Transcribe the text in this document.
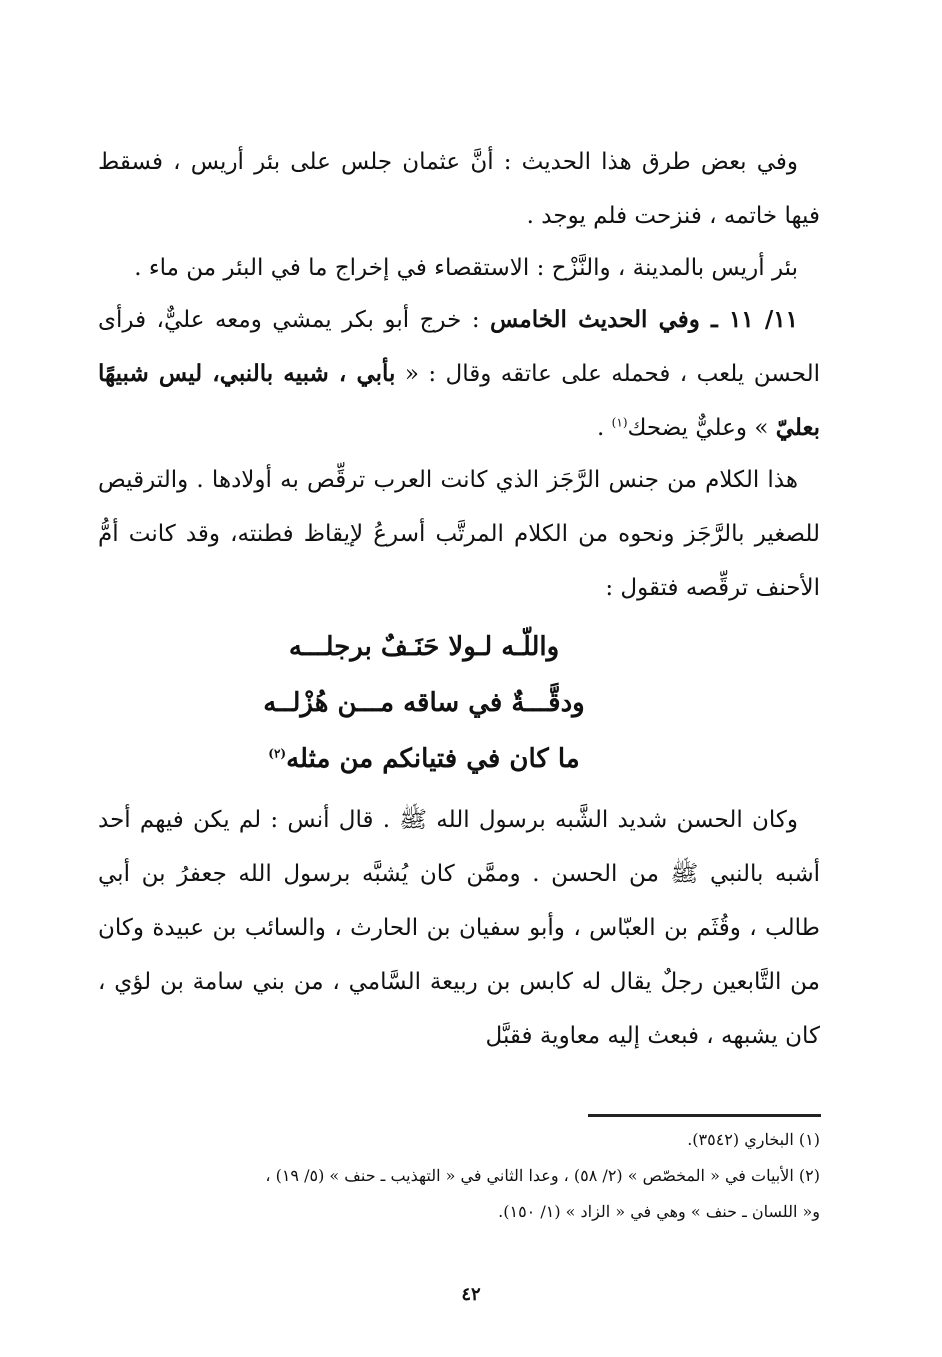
وفي بعض طرق هذا الحديث : أنَّ عثمان جلس على بئر أريس ، فسقط فيها خاتمه ، فنزحت فلم يوجد .

بئر أريس بالمدينة ، والنَّزْح : الاستقصاء في إخراج ما في البئر من ماء .

١١/ ١١ ـ وفي الحديث الخامس : خرج أبو بكر يمشي ومعه عليٌّ، فرأى الحسن يلعب ، فحمله على عاتقه وقال : « بأبي ، شبيه بالنبي، ليس شبيهًا بعليّ » وعليٌّ يضحك$^{(١)}$ .

هذا الكلام من جنس الرَّجَز الذي كانت العرب ترقِّص به أولادها . والترقيص للصغير بالرَّجَز ونحوه من الكلام المرتَّب أسرعُ لإيقاظ فطنته، وقد كانت أمُّ الأحنف ترقِّصه فتقول :

واللّـه لـولا حَنَـفٌ برجلـــه
ودقَّـــةٌ في ساقه مـــن هُزْلــه
ما كان في فتيانكم من مثله$^{(٢)}$

وكان الحسن شديد الشَّبه برسول الله ﷺ . قال أنس : لم يكن فيهم أحد أشبه بالنبي ﷺ من الحسن . وممَّن كان يُشبَّه برسول الله جعفرُ بن أبي طالب ، وقُثَم بن العبّاس ، وأبو سفيان بن الحارث ، والسائب بن عبيدة وكان من التَّابعين رجلٌ يقال له كابس بن ربيعة السَّامي ، من بني سامة بن لؤي ، كان يشبهه ، فبعث إليه معاوية فقبَّل

(١) البخاري (٣٥٤٢).

(٢) الأبيات في « المخصّص » (٢/ ٥٨) ، وعدا الثاني في « التهذيب ـ حنف » (٥/ ١٩) ،

و« اللسان ـ حنف » وهي في « الزاد » (١/ ١٥٠).

٤٢
